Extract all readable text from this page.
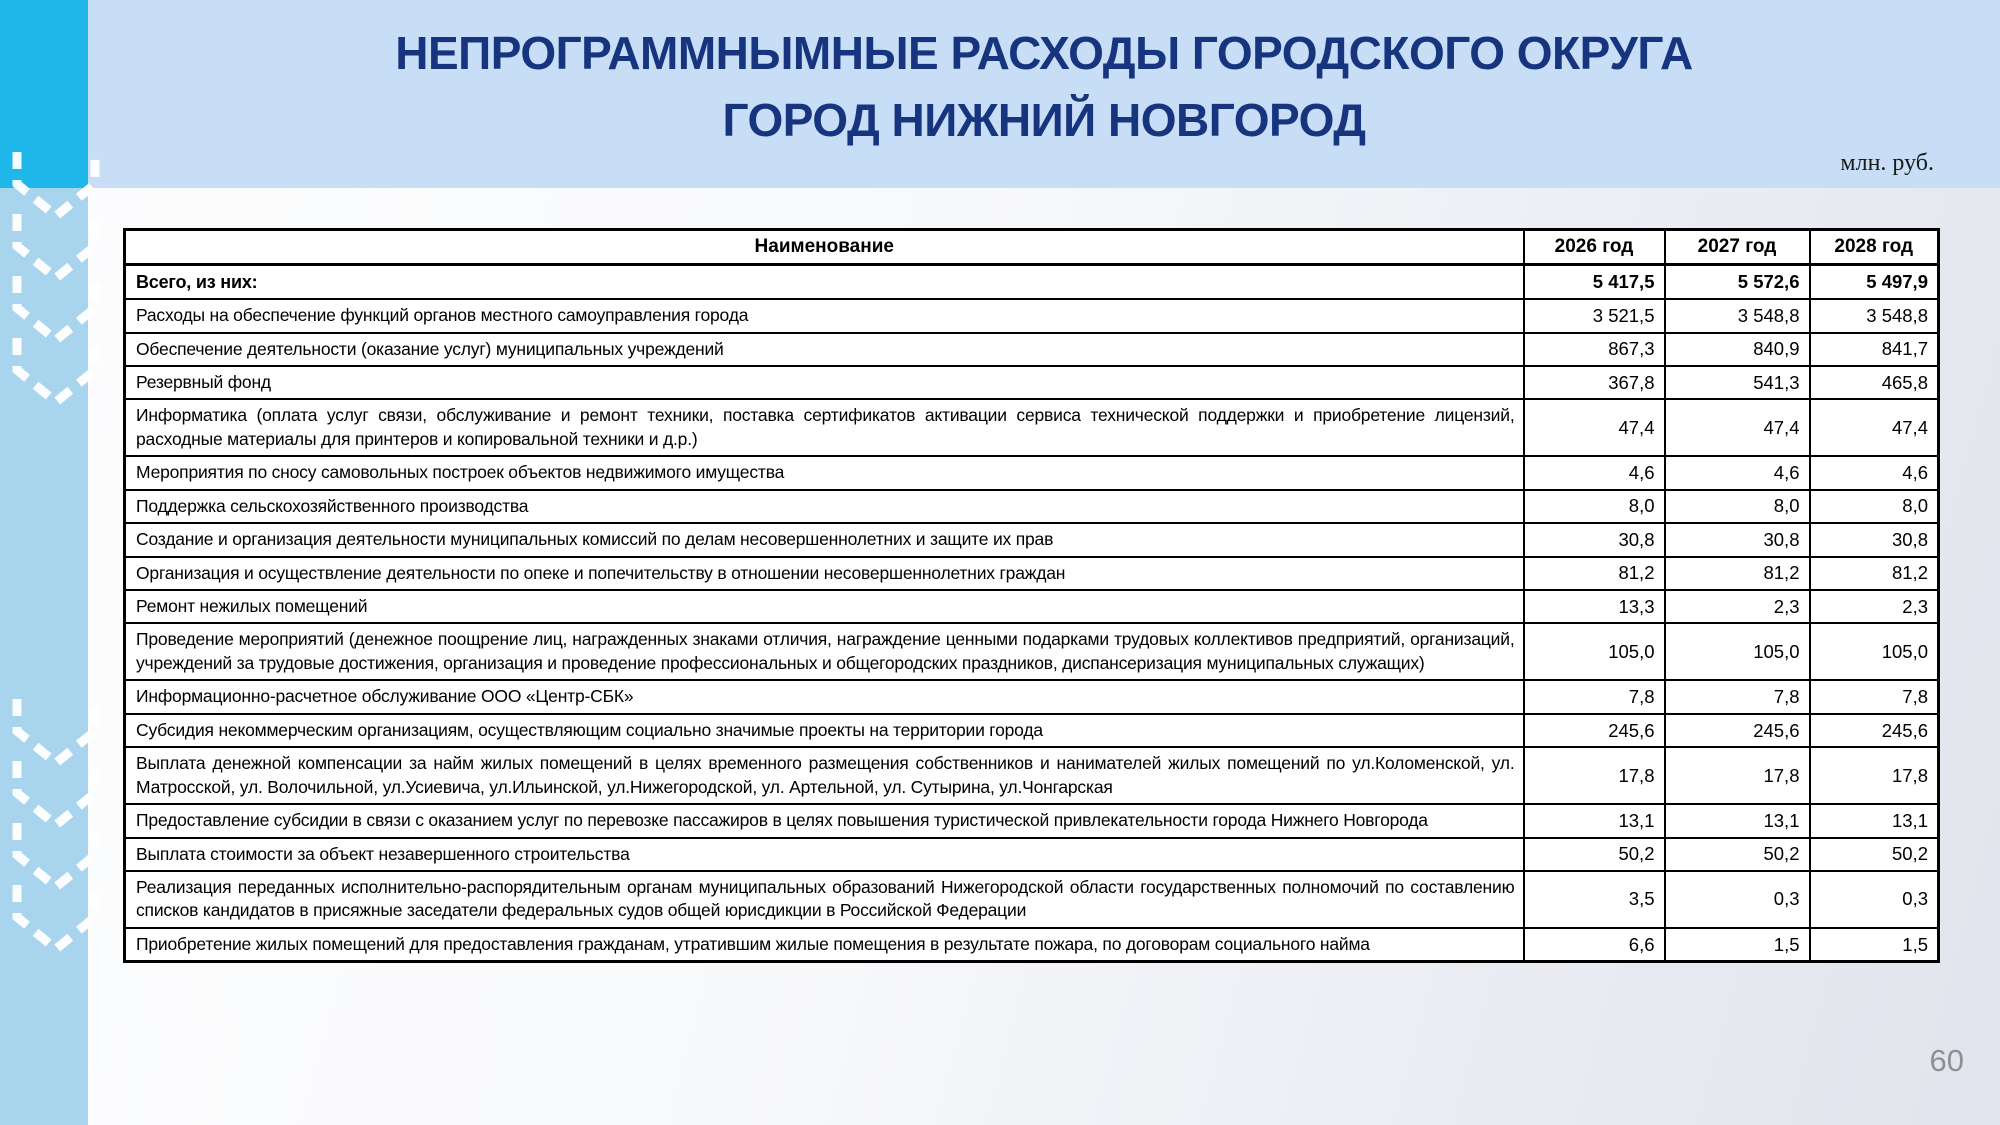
НЕПРОГРАММНЫМНЫЕ РАСХОДЫ ГОРОДСКОГО ОКРУГА
ГОРОД НИЖНИЙ НОВГОРОД
млн. руб.
Наименование	2026 год	2027 год	2028 год
Всего, из них:	5 417,5	5 572,6	5 497,9
Расходы на обеспечение функций органов местного самоуправления города	3 521,5	3 548,8	3 548,8
Обеспечение деятельности (оказание услуг) муниципальных учреждений	867,3	840,9	841,7
Резервный фонд	367,8	541,3	465,8
Информатика (оплата услуг связи, обслуживание и ремонт техники, поставка сертификатов активации сервиса технической поддержки и приобретение лицензий, расходные материалы для принтеров и копировальной техники и д.р.)	47,4	47,4	47,4
Мероприятия по сносу самовольных построек объектов недвижимого имущества	4,6	4,6	4,6
Поддержка сельскохозяйственного производства	8,0	8,0	8,0
Создание и организация деятельности муниципальных комиссий по делам несовершеннолетних и защите их прав	30,8	30,8	30,8
Организация и осуществление деятельности по опеке и попечительству в отношении несовершеннолетних граждан	81,2	81,2	81,2
Ремонт нежилых помещений	13,3	2,3	2,3
Проведение мероприятий (денежное поощрение лиц, награжденных знаками отличия, награждение ценными подарками трудовых коллективов предприятий, организаций, учреждений за трудовые достижения, организация и проведение профессиональных и общегородских праздников, диспансеризация муниципальных служащих)	105,0	105,0	105,0
Информационно-расчетное обслуживание ООО «Центр-СБК»	7,8	7,8	7,8
Субсидия некоммерческим организациям, осуществляющим социально значимые проекты на территории города	245,6	245,6	245,6
Выплата денежной компенсации за найм жилых помещений в целях временного размещения собственников и нанимателей жилых помещений по ул.Коломенской, ул. Матросской, ул. Волочильной, ул.Усиевича, ул.Ильинской, ул.Нижегородской, ул. Артельной, ул. Сутырина, ул.Чонгарская	17,8	17,8	17,8
Предоставление субсидии в связи с оказанием услуг по перевозке пассажиров в целях повышения туристической привлекательности города Нижнего Новгорода	13,1	13,1	13,1
Выплата стоимости за объект незавершенного строительства	50,2	50,2	50,2
Реализация переданных исполнительно-распорядительным органам муниципальных образований Нижегородской области государственных полномочий по составлению списков кандидатов в присяжные заседатели федеральных судов общей юрисдикции в Российской Федерации	3,5	0,3	0,3
Приобретение жилых помещений для предоставления гражданам, утратившим жилые помещения в результате пожара, по договорам социального найма	6,6	1,5	1,5
60
